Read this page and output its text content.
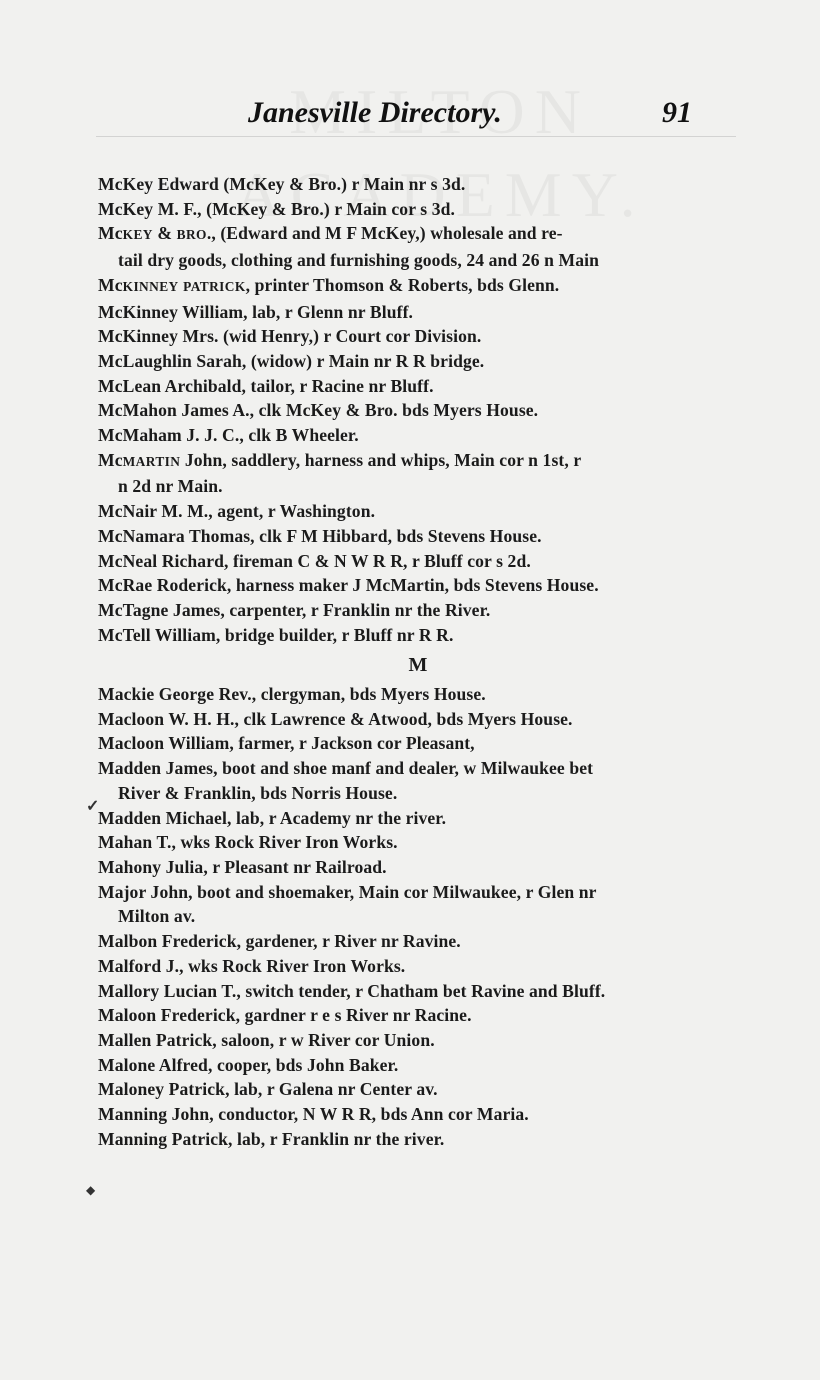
Janesville Directory.	91
McKey Edward (McKey & Bro.) r Main nr s 3d.
McKey M. F., (McKey & Bro.) r Main cor s 3d.
McKEY & BRO., (Edward and M F McKey,) wholesale and re-
tail dry goods, clothing and furnishing goods, 24 and 26 n Main
McKINNEY PATRICK, printer Thomson & Roberts, bds Glenn.
McKinney William, lab, r Glenn nr Bluff.
McKinney Mrs. (wid Henry,) r Court cor Division.
McLaughlin Sarah, (widow) r Main nr R R bridge.
McLean Archibald, tailor, r Racine nr Bluff.
McMahon James A., clk McKey & Bro. bds Myers House.
McMaham J. J. C., clk B Wheeler.
McMARTIN John, saddlery, harness and whips, Main cor n 1st, r
n 2d nr Main.
McNair M. M., agent, r Washington.
McNamara Thomas, clk F M Hibbard, bds Stevens House.
McNeal Richard, fireman C & N W R R, r Bluff cor s 2d.
McRae Roderick, harness maker J McMartin, bds Stevens House.
McTagne James, carpenter, r Franklin nr the River.
McTell William, bridge builder, r Bluff nr R R.
M
Mackie George Rev., clergyman, bds Myers House.
Macloon W. H. H., clk Lawrence & Atwood, bds Myers House.
Macloon William, farmer, r Jackson cor Pleasant,
Madden James, boot and shoe manf and dealer, w Milwaukee bet
River & Franklin, bds Norris House.
Madden Michael, lab, r Academy nr the river.
Mahan T., wks Rock River Iron Works.
Mahony Julia, r Pleasant nr Railroad.
Major John, boot and shoemaker, Main cor Milwaukee, r Glen nr
Milton av.
Malbon Frederick, gardener, r River nr Ravine.
Malford J., wks Rock River Iron Works.
Mallory Lucian T., switch tender, r Chatham bet Ravine and Bluff.
Maloon Frederick, gardner r e s River nr Racine.
Mallen Patrick, saloon, r w River cor Union.
Malone Alfred, cooper, bds John Baker.
Maloney Patrick, lab, r Galena nr Center av.
Manning John, conductor, N W R R, bds Ann cor Maria.
Manning Patrick, lab, r Franklin nr the river.
✓
◆
